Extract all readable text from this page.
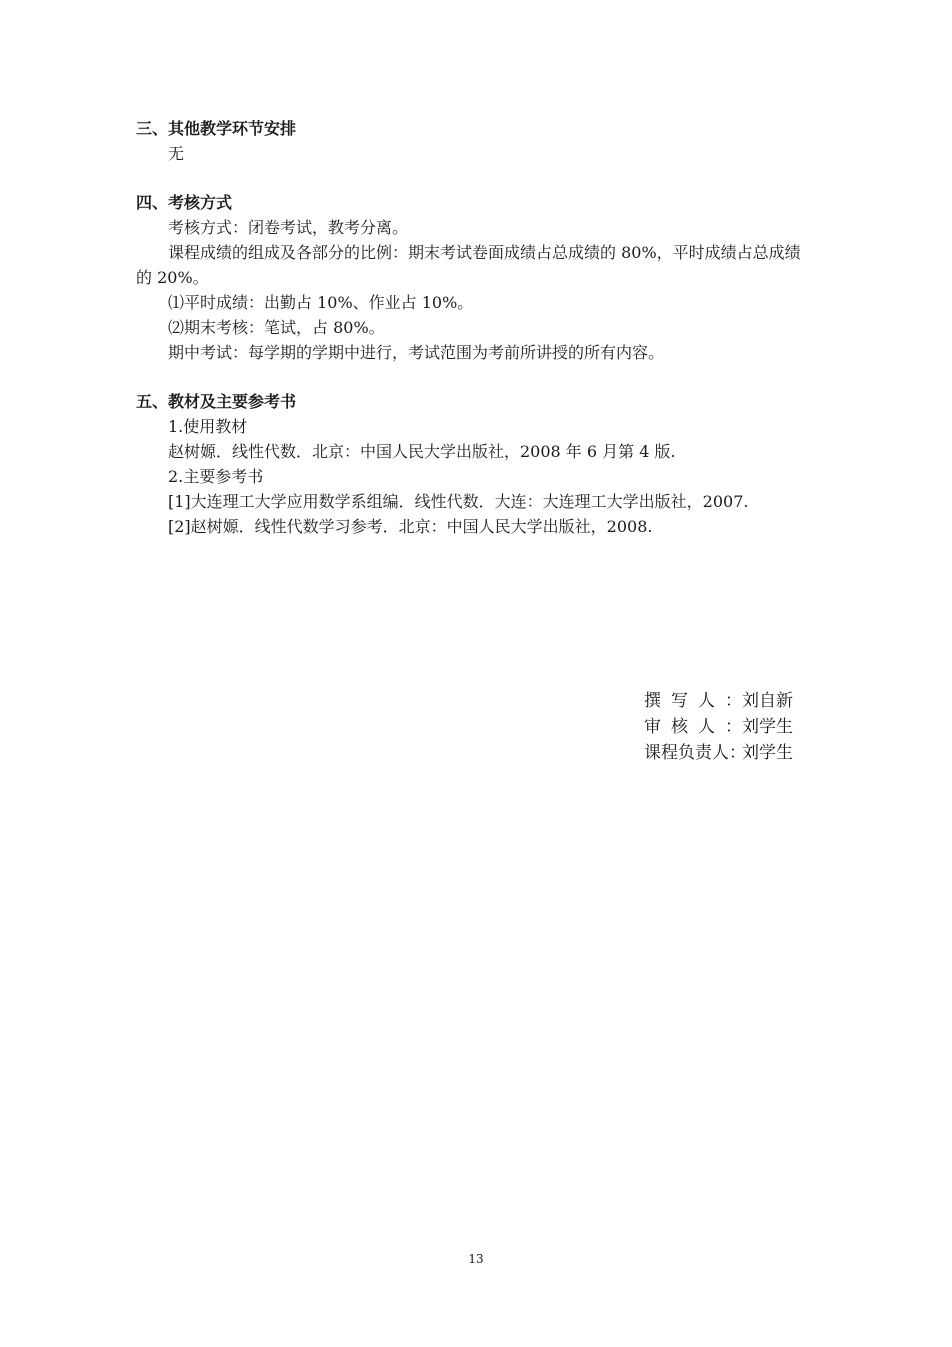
三、其他教学环节安排

无

四、考核方式

考核方式：闭卷考试，教考分离。

课程成绩的组成及各部分的比例：期末考试卷面成绩占总成绩的 80%，平时成绩占总成绩的 20%。

⑴平时成绩：出勤占 10%、作业占 10%。

⑵期末考核：笔试，占 80%。

期中考试：每学期的学期中进行，考试范围为考前所讲授的所有内容。

五、教材及主要参考书

1.使用教材

赵树嫄．线性代数．北京：中国人民大学出版社，2008 年 6 月第 4 版.

2.主要参考书

[1]大连理工大学应用数学系组编．线性代数．大连：大连理工大学出版社，2007.

[2]赵树嫄．线性代数学习参考．北京：中国人民大学出版社，2008.

撰写人： 刘自新
审核人： 刘学生
课程负责人：
刘学生
13
